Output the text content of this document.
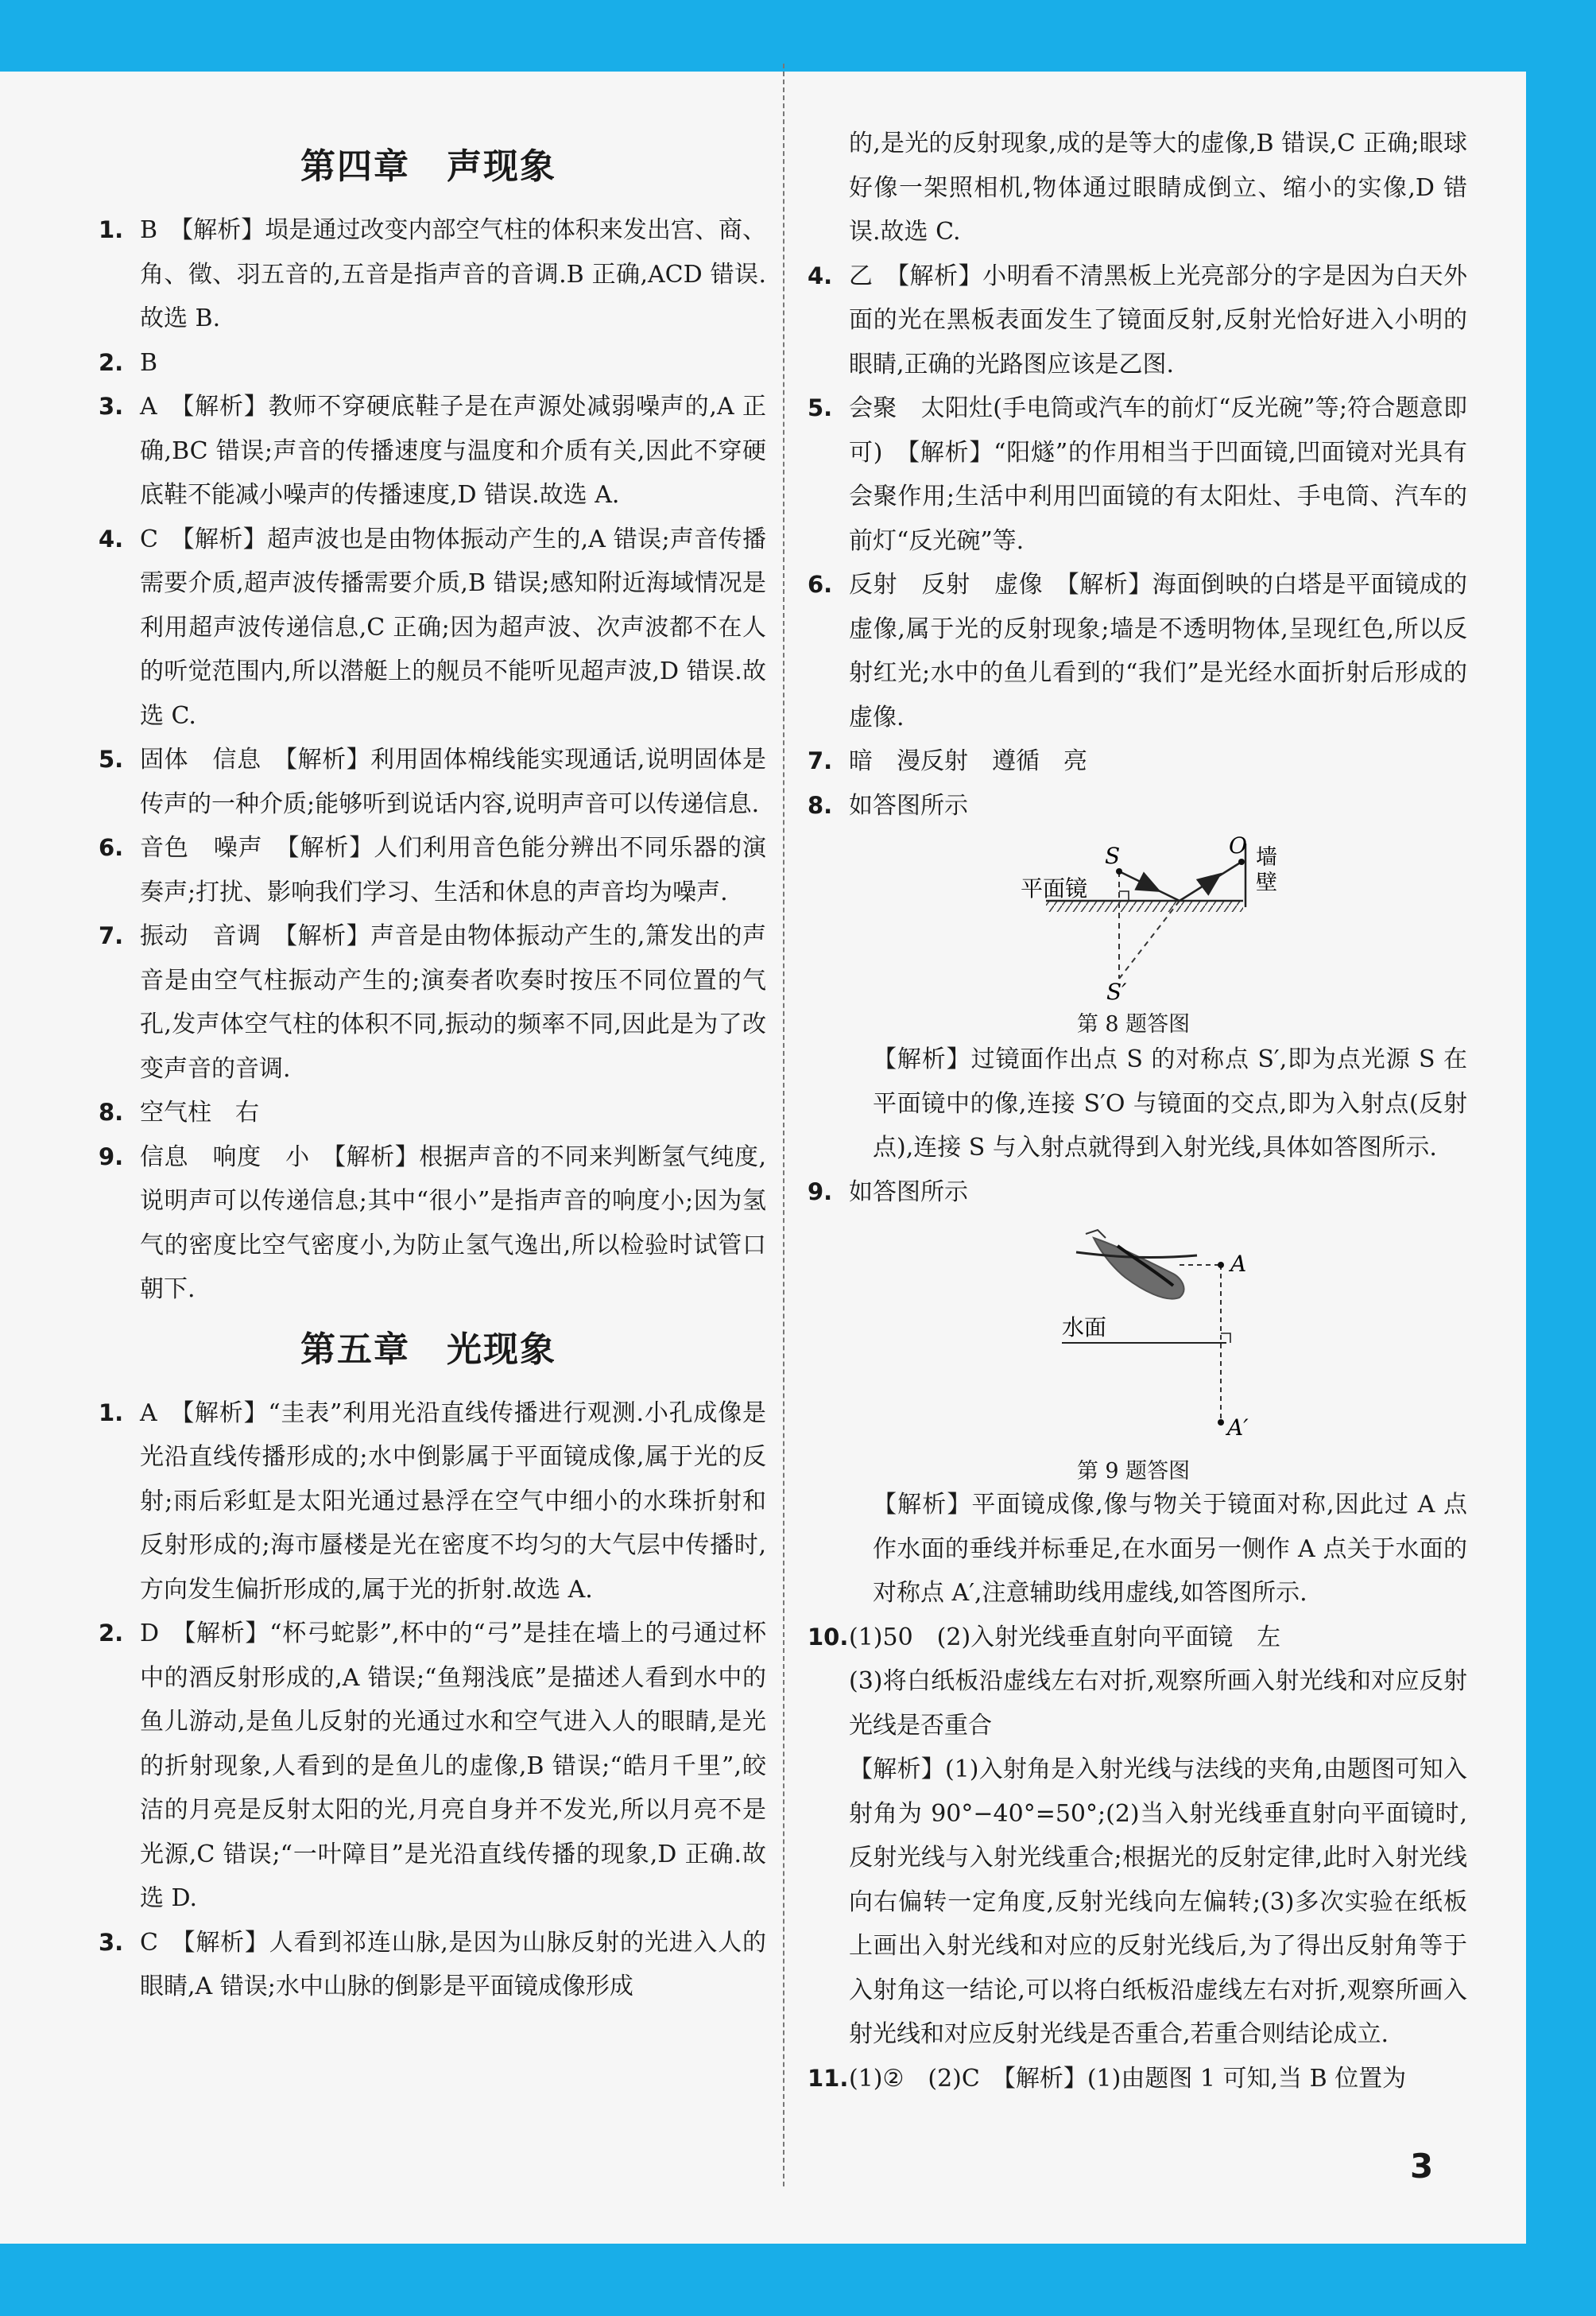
第四章　声现象
1. B　【解析】埙是通过改变内部空气柱的体积来发出宫、商、角、徵、羽五音的,五音是指声音的音调.B 正确,ACD 错误.故选 B.
2. B
3. A　【解析】教师不穿硬底鞋子是在声源处减弱噪声的,A 正确,BC 错误;声音的传播速度与温度和介质有关,因此不穿硬底鞋不能减小噪声的传播速度,D 错误.故选 A.
4. C　【解析】超声波也是由物体振动产生的,A 错误;声音传播需要介质,超声波传播需要介质,B 错误;感知附近海域情况是利用超声波传递信息,C 正确;因为超声波、次声波都不在人的听觉范围内,所以潜艇上的舰员不能听见超声波,D 错误.故选 C.
5. 固体　信息　【解析】利用固体棉线能实现通话,说明固体是传声的一种介质;能够听到说话内容,说明声音可以传递信息.
6. 音色　噪声　【解析】人们利用音色能分辨出不同乐器的演奏声;打扰、影响我们学习、生活和休息的声音均为噪声.
7. 振动　音调　【解析】声音是由物体振动产生的,箫发出的声音是由空气柱振动产生的;演奏者吹奏时按压不同位置的气孔,发声体空气柱的体积不同,振动的频率不同,因此是为了改变声音的音调.
8. 空气柱　右
9. 信息　响度　小　【解析】根据声音的不同来判断氢气纯度,说明声可以传递信息;其中“很小”是指声音的响度小;因为氢气的密度比空气密度小,为防止氢气逸出,所以检验时试管口朝下.
第五章　光现象
1. A　【解析】“圭表”利用光沿直线传播进行观测.小孔成像是光沿直线传播形成的;水中倒影属于平面镜成像,属于光的反射;雨后彩虹是太阳光通过悬浮在空气中细小的水珠折射和反射形成的;海市蜃楼是光在密度不均匀的大气层中传播时,方向发生偏折形成的,属于光的折射.故选 A.
2. D　【解析】“杯弓蛇影”,杯中的“弓”是挂在墙上的弓通过杯中的酒反射形成的,A 错误;“鱼翔浅底”是描述人看到水中的鱼儿游动,是鱼儿反射的光通过水和空气进入人的眼睛,是光的折射现象,人看到的是鱼儿的虚像,B 错误;“皓月千里”,皎洁的月亮是反射太阳的光,月亮自身并不发光,所以月亮不是光源,C 错误;“一叶障目”是光沿直线传播的现象,D 正确.故选 D.
3. C　【解析】人看到祁连山脉,是因为山脉反射的光进入人的眼睛,A 错误;水中山脉的倒影是平面镜成像形成
的,是光的反射现象,成的是等大的虚像,B 错误,C 正确;眼球好像一架照相机,物体通过眼睛成倒立、缩小的实像,D 错误.故选 C.
4. 乙　【解析】小明看不清黑板上光亮部分的字是因为白天外面的光在黑板表面发生了镜面反射,反射光恰好进入小明的眼睛,正确的光路图应该是乙图.
5. 会聚　太阳灶(手电筒或汽车的前灯“反光碗”等;符合题意即可)　【解析】“阳燧”的作用相当于凹面镜,凹面镜对光具有会聚作用;生活中利用凹面镜的有太阳灶、手电筒、汽车的前灯“反光碗”等.
6. 反射　反射　虚像　【解析】海面倒映的白塔是平面镜成的虚像,属于光的反射现象;墙是不透明物体,呈现红色,所以反射红光;水中的鱼儿看到的“我们”是光经水面折射后形成的虚像.
7. 暗　漫反射　遵循　亮
8. 如答图所示
S	O
S′
平面镜
墙
壁
第 8 题答图
【解析】过镜面作出点 S 的对称点 S′,即为点光源 S 在平面镜中的像,连接 S′O 与镜面的交点,即为入射点(反射点),连接 S 与入射点就得到入射光线,具体如答图所示.
9. 如答图所示
A
A′
水面
第 9 题答图
【解析】平面镜成像,像与物关于镜面对称,因此过 A 点作水面的垂线并标垂足,在水面另一侧作 A 点关于水面的对称点 A′,注意辅助线用虚线,如答图所示.
10. (1)50　(2)入射光线垂直射向平面镜　左
(3)将白纸板沿虚线左右对折,观察所画入射光线和对应反射光线是否重合
【解析】(1)入射角是入射光线与法线的夹角,由题图可知入射角为 90°−40°=50°;(2)当入射光线垂直射向平面镜时,反射光线与入射光线重合;根据光的反射定律,此时入射光线向右偏转一定角度,反射光线向左偏转;(3)多次实验在纸板上画出入射光线和对应的反射光线后,为了得出反射角等于入射角这一结论,可以将白纸板沿虚线左右对折,观察所画入射光线和对应反射光线是否重合,若重合则结论成立.
11. (1)②　(2)C　【解析】(1)由题图 1 可知,当 B 位置为
3
